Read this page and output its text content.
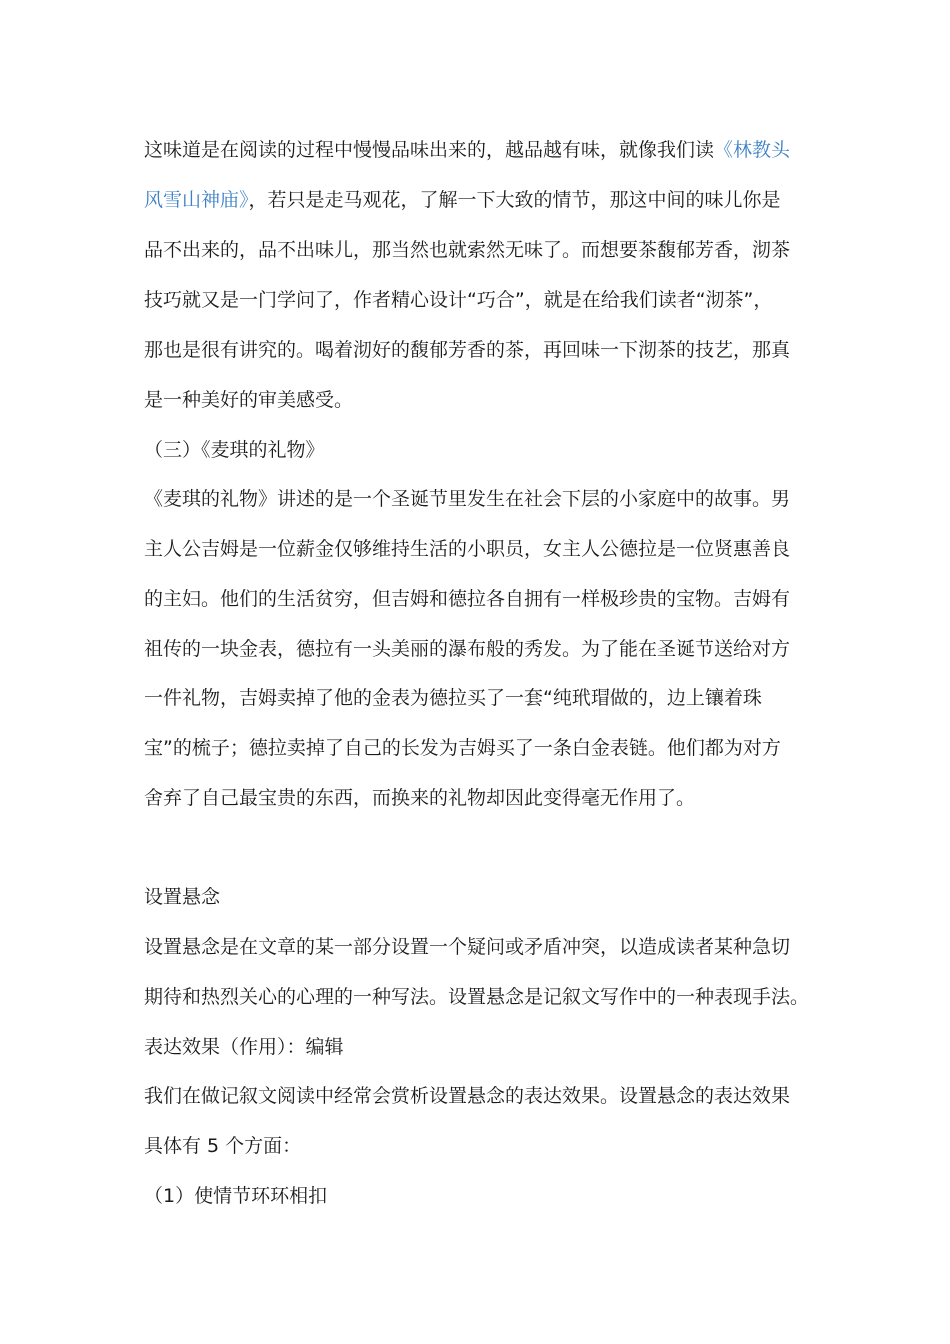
这味道是在阅读的过程中慢慢品味出来的，越品越有味，就像我们读《林教头
风雪山神庙》，若只是走马观花，了解一下大致的情节，那这中间的味儿你是
品不出来的，品不出味儿，那当然也就索然无味了。而想要茶馥郁芳香，沏茶
技巧就又是一门学问了，作者精心设计“巧合”，就是在给我们读者“沏茶”，
那也是很有讲究的。喝着沏好的馥郁芳香的茶，再回味一下沏茶的技艺，那真
是一种美好的审美感受。
（三）《麦琪的礼物》
《麦琪的礼物》讲述的是一个圣诞节里发生在社会下层的小家庭中的故事。男
主人公吉姆是一位薪金仅够维持生活的小职员，女主人公德拉是一位贤惠善良
的主妇。他们的生活贫穷，但吉姆和德拉各自拥有一样极珍贵的宝物。吉姆有
祖传的一块金表，德拉有一头美丽的瀑布般的秀发。为了能在圣诞节送给对方
一件礼物，吉姆卖掉了他的金表为德拉买了一套“纯玳瑁做的，边上镶着珠
宝”的梳子；德拉卖掉了自己的长发为吉姆买了一条白金表链。他们都为对方
舍弃了自己最宝贵的东西，而换来的礼物却因此变得毫无作用了。
设置悬念
设置悬念是在文章的某一部分设置一个疑问或矛盾冲突，以造成读者某种急切
期待和热烈关心的心理的一种写法。设置悬念是记叙文写作中的一种表现手法。
表达效果（作用）：编辑
我们在做记叙文阅读中经常会赏析设置悬念的表达效果。设置悬念的表达效果
具体有 5 个方面：
（1）使情节环环相扣
